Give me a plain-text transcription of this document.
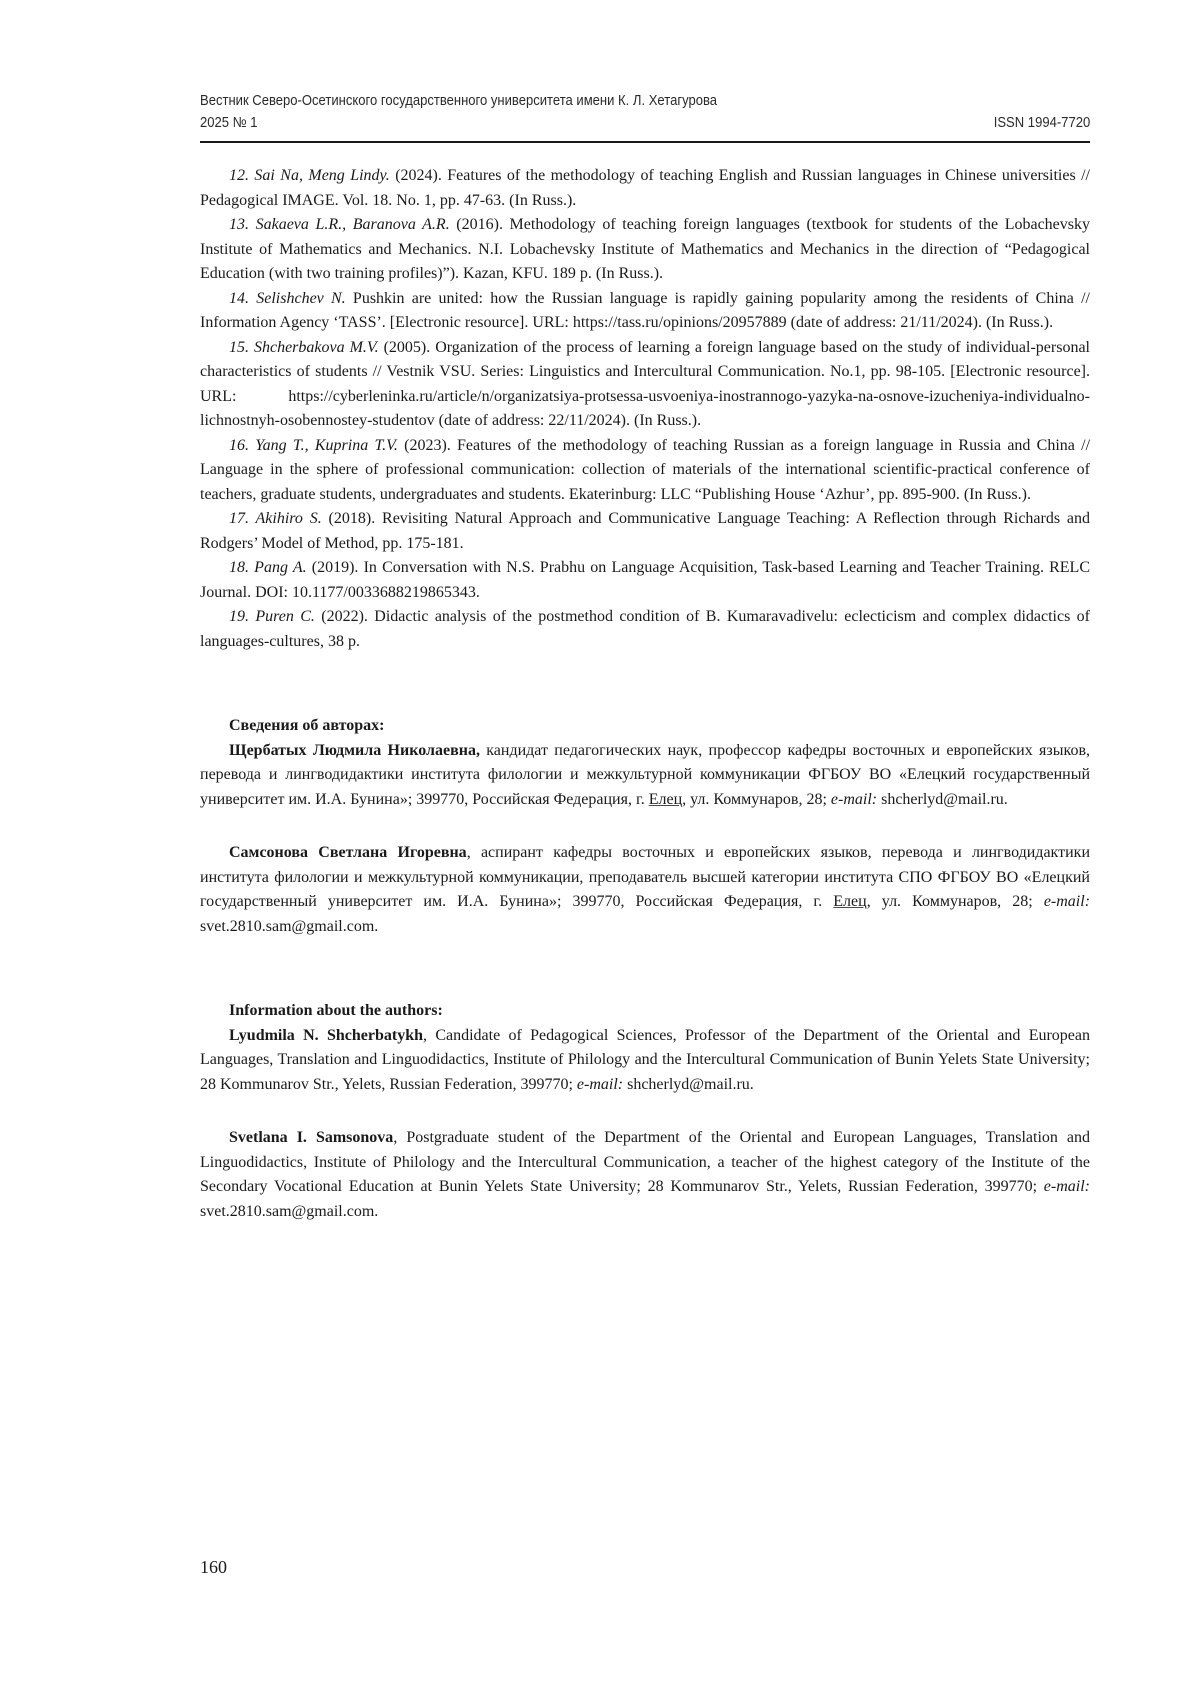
Вестник Северо-Осетинского государственного университета имени К. Л. Хетагурова
2025 № 1	ISSN 1994-7720

12. Sai Na, Meng Lindy. (2024). Features of the methodology of teaching English and Russian languages in Chinese universities // Pedagogical IMAGE. Vol. 18. No. 1, pp. 47-63. (In Russ.).

13. Sakaeva L.R., Baranova A.R. (2016). Methodology of teaching foreign languages (textbook for students of the Lobachevsky Institute of Mathematics and Mechanics. N.I. Lobachevsky Institute of Mathematics and Mechanics in the direction of “Pedagogical Education (with two training profiles)”). Kazan, KFU. 189 p. (In Russ.).

14. Selishchev N. Pushkin are united: how the Russian language is rapidly gaining popularity among the residents of China // Information Agency ‘TASS’. [Electronic resource]. URL: https://tass.ru/opinions/20957889 (date of address: 21/11/2024). (In Russ.).

15. Shcherbakova M.V. (2005). Organization of the process of learning a foreign language based on the study of individual-personal characteristics of students // Vestnik VSU. Series: Linguistics and Intercultural Communication. No.1, pp. 98-105. [Electronic resource]. URL: https://cyberleninka.ru/article/n/organizatsiya-protsessa-usvoeniya-inostrannogo-yazyka-na-osnove-izucheniya-individualno-lichnostnyh-osobennostey-studentov (date of address: 22/11/2024). (In Russ.).

16. Yang T., Kuprina T.V. (2023). Features of the methodology of teaching Russian as a foreign language in Russia and China // Language in the sphere of professional communication: collection of materials of the international scientific-practical conference of teachers, graduate students, undergraduates and students. Ekaterinburg: LLC “Publishing House ‘Azhur’, pp. 895-900. (In Russ.).

17. Akihiro S. (2018). Revisiting Natural Approach and Communicative Language Teaching: A Reflection through Richards and Rodgers’ Model of Method, pp. 175-181.

18. Pang A. (2019). In Conversation with N.S. Prabhu on Language Acquisition, Task-based Learning and Teacher Training. RELC Journal. DOI: 10.1177/0033688219865343.

19. Puren C. (2022). Didactic analysis of the postmethod condition of B. Kumaravadivelu: eclecticism and complex didactics of languages-cultures, 38 p.

Сведения об авторах:

Щербатых Людмила Николаевна, кандидат педагогических наук, профессор кафедры восточных и европейских языков, перевода и лингводидактики института филологии и межкультурной коммуникации ФГБОУ ВО «Елецкий государственный университет им. И.А. Бунина»; 399770, Российская Федерация, г. Елец, ул. Коммунаров, 28; e-mail: shcherlyd@mail.ru.

Самсонова Светлана Игоревна, аспирант кафедры восточных и европейских языков, перевода и лингводидактики института филологии и межкультурной коммуникации, преподаватель высшей категории института СПО ФГБОУ ВО «Елецкий государственный университет им. И.А. Бунина»; 399770, Российская Федерация, г. Елец, ул. Коммунаров, 28; e-mail: svet.2810.sam@gmail.com.

Information about the authors:

Lyudmila N. Shcherbatykh, Candidate of Pedagogical Sciences, Professor of the Department of the Oriental and European Languages, Translation and Linguodidactics, Institute of Philology and the Intercultural Communication of Bunin Yelets State University; 28 Kommunarov Str., Yelets, Russian Federation, 399770; e-mail: shcherlyd@mail.ru.

Svetlana I. Samsonova, Postgraduate student of the Department of the Oriental and European Languages, Translation and Linguodidactics, Institute of Philology and the Intercultural Communication, a teacher of the highest category of the Institute of the Secondary Vocational Education at Bunin Yelets State University; 28 Kommunarov Str., Yelets, Russian Federation, 399770; e-mail: svet.2810.sam@gmail.com.

160
